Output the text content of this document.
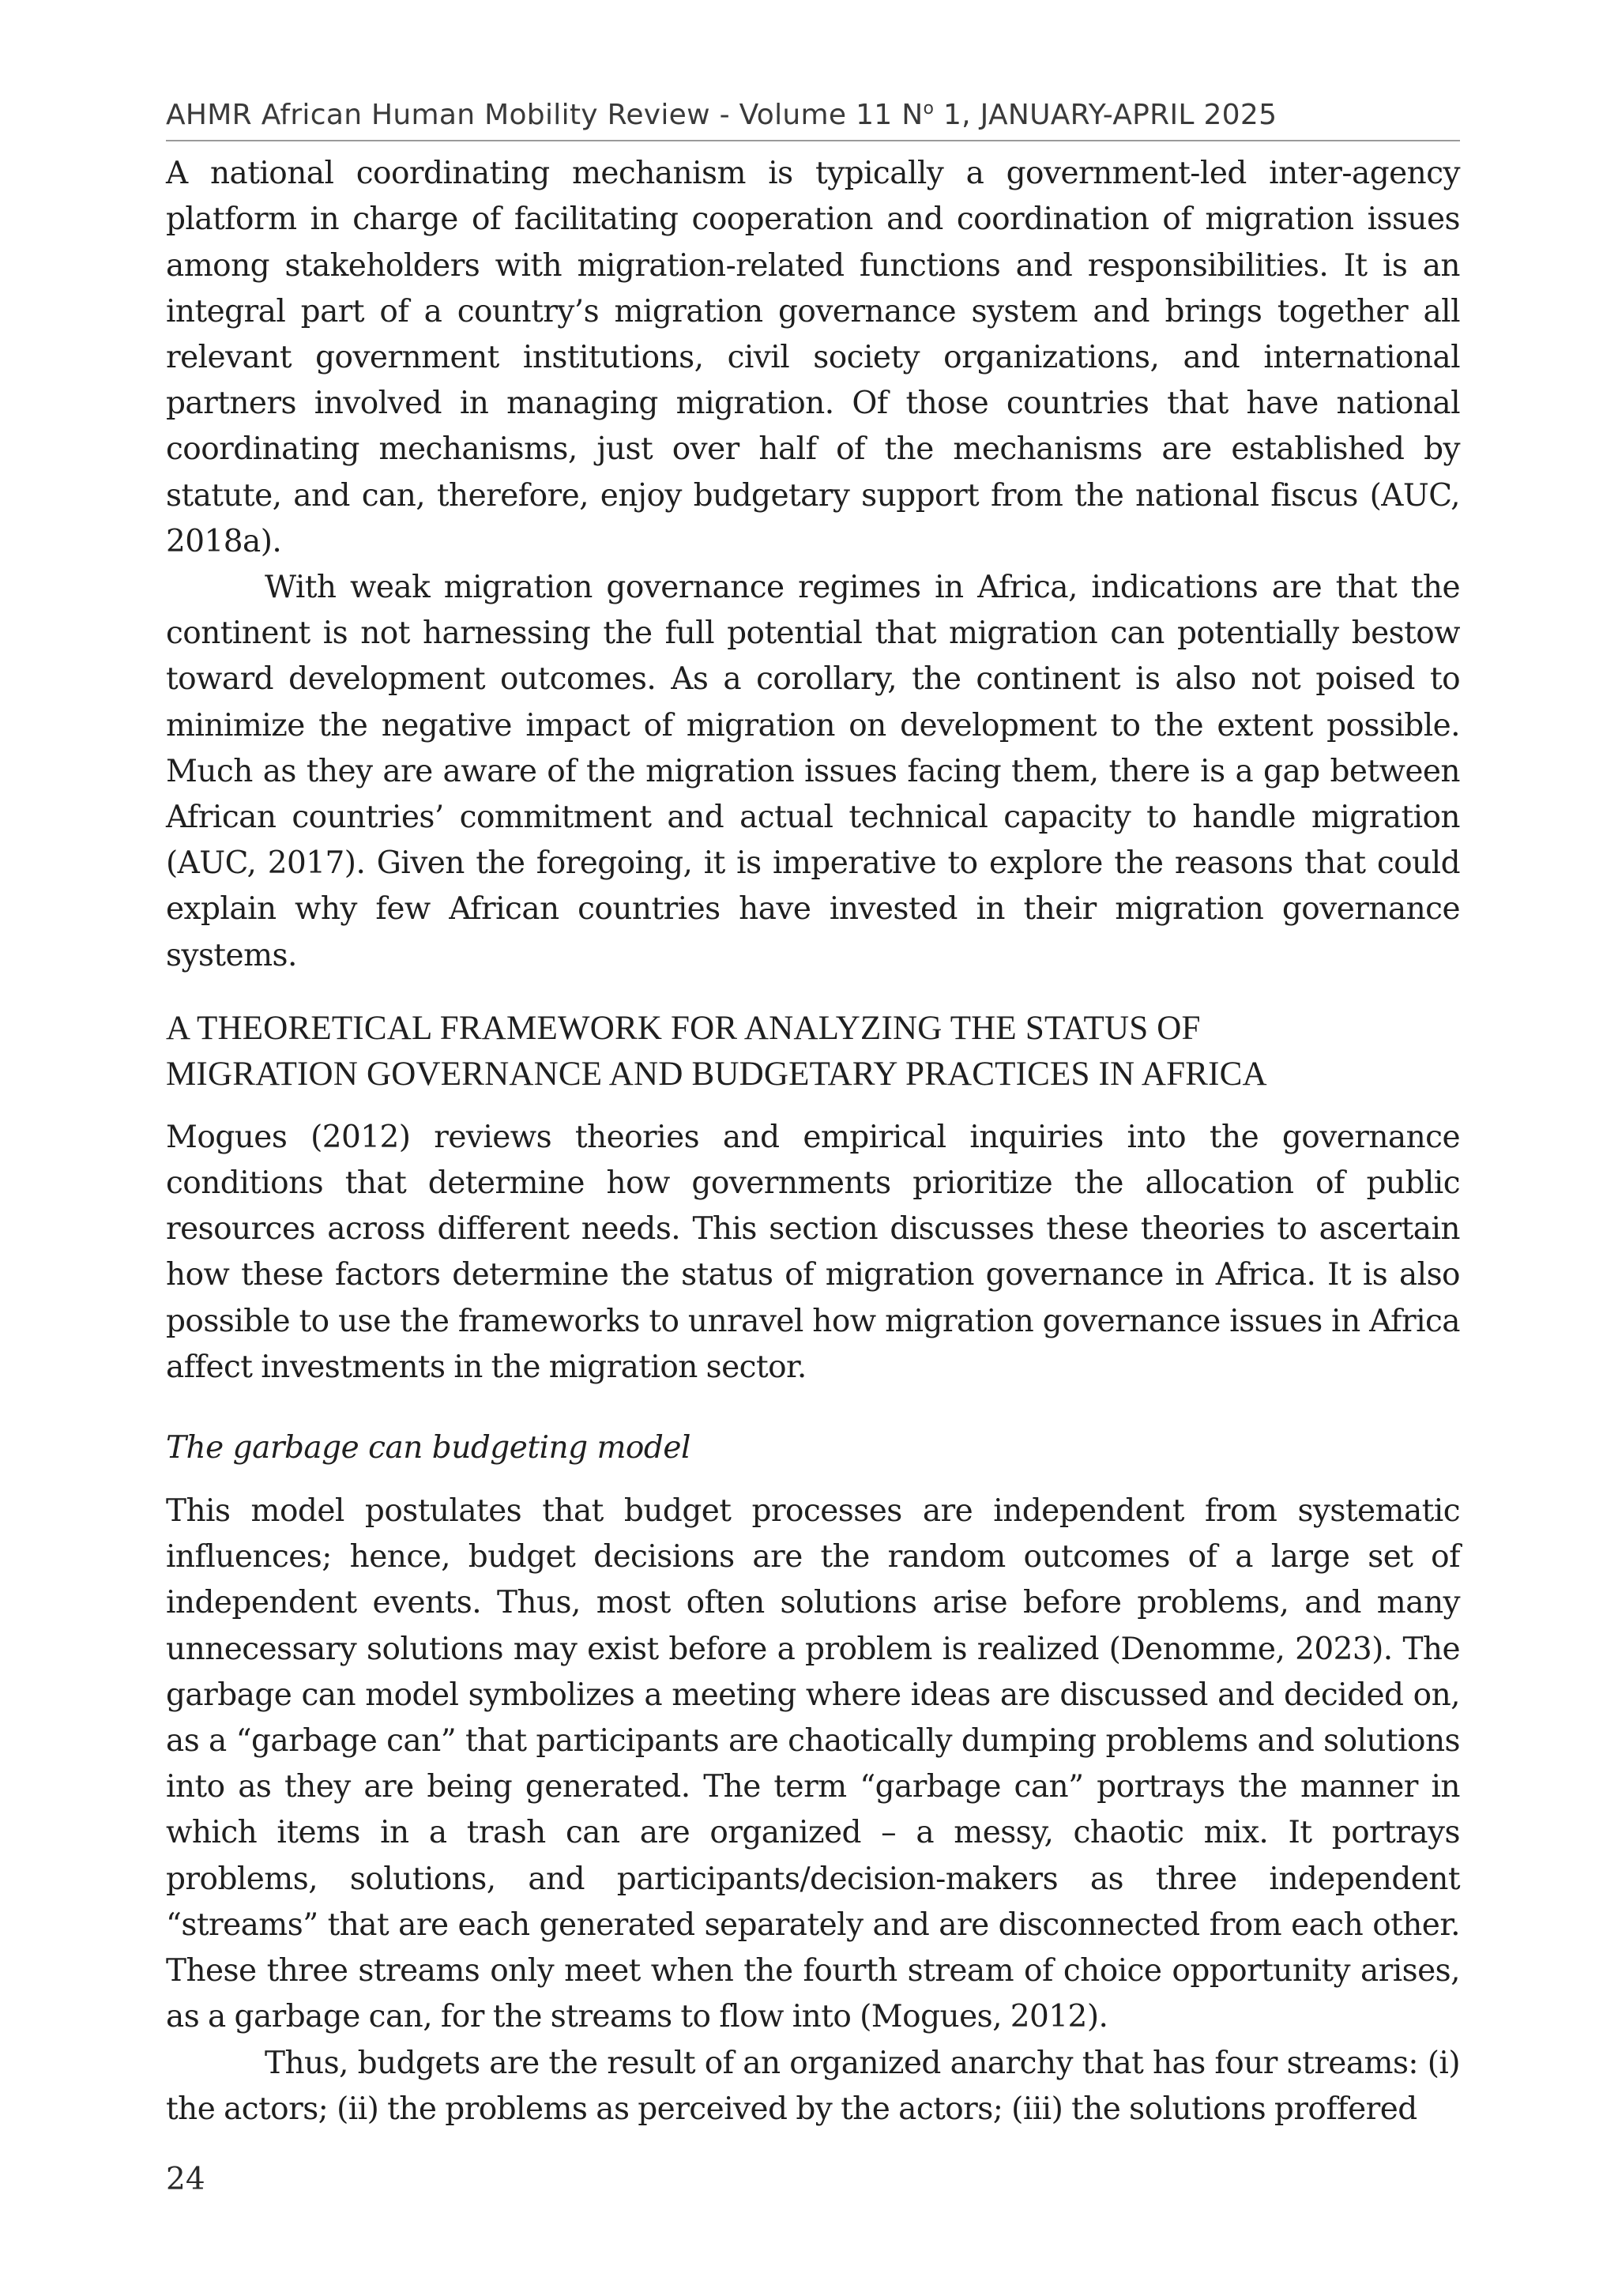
AHMR African Human Mobility Review - Volume 11 $N^o$ 1, JANUARY-APRIL 2025

A national coordinating mechanism is typically a government-led inter-agency platform in charge of facilitating cooperation and coordination of migration issues among stakeholders with migration-related functions and responsibilities. It is an integral part of a country’s migration governance system and brings together all relevant government institutions, civil society organizations, and international partners involved in managing migration. Of those countries that have national coordinating mechanisms, just over half of the mechanisms are established by statute, and can, therefore, enjoy budgetary support from the national fiscus (AUC, 2018a).

With weak migration governance regimes in Africa, indications are that the continent is not harnessing the full potential that migration can potentially bestow toward development outcomes. As a corollary, the continent is also not poised to minimize the negative impact of migration on development to the extent possible. Much as they are aware of the migration issues facing them, there is a gap between African countries’ commitment and actual technical capacity to handle migration (AUC, 2017). Given the foregoing, it is imperative to explore the reasons that could explain why few African countries have invested in their migration governance systems.

A THEORETICAL FRAMEWORK FOR ANALYZING THE STATUS OF
MIGRATION GOVERNANCE AND BUDGETARY PRACTICES IN AFRICA

Mogues (2012) reviews theories and empirical inquiries into the governance conditions that determine how governments prioritize the allocation of public resources across different needs. This section discusses these theories to ascertain how these factors determine the status of migration governance in Africa. It is also possible to use the frameworks to unravel how migration governance issues in Africa affect investments in the migration sector.

The garbage can budgeting model

This model postulates that budget processes are independent from systematic influences; hence, budget decisions are the random outcomes of a large set of independent events. Thus, most often solutions arise before problems, and many unnecessary solutions may exist before a problem is realized (Denomme, 2023). The garbage can model symbolizes a meeting where ideas are discussed and decided on, as a “garbage can” that participants are chaotically dumping problems and solutions into as they are being generated. The term “garbage can” portrays the manner in which items in a trash can are organized – a messy, chaotic mix. It portrays problems, solutions, and participants/decision-makers as three independent “streams” that are each generated separately and are disconnected from each other. These three streams only meet when the fourth stream of choice opportunity arises, as a garbage can, for the streams to flow into (Mogues, 2012).

Thus, budgets are the result of an organized anarchy that has four streams: (i) the actors; (ii) the problems as perceived by the actors; (iii) the solutions proffered

24
